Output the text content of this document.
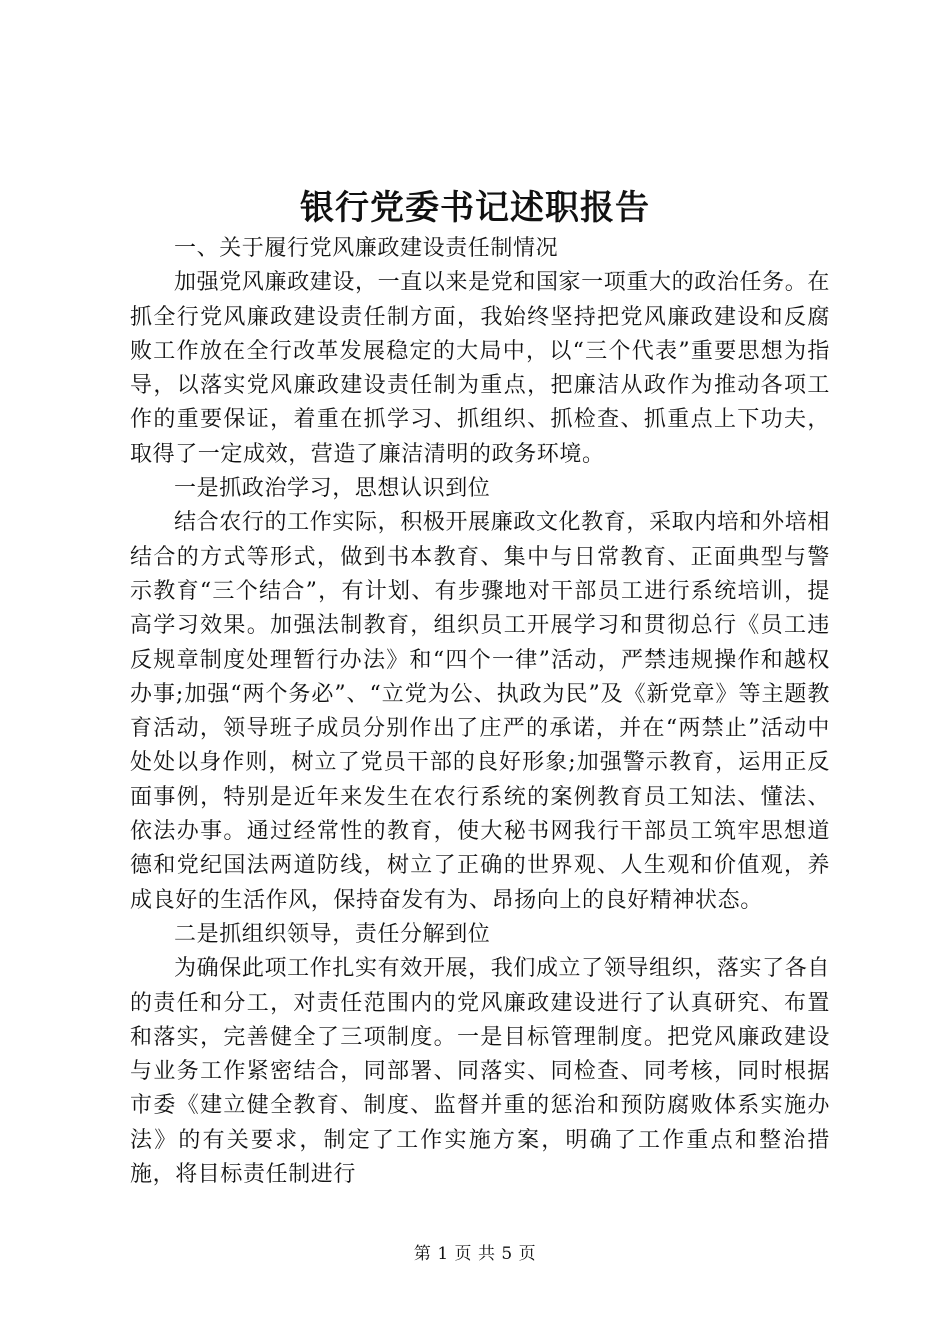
银行党委书记述职报告

一、关于履行党风廉政建设责任制情况

加强党风廉政建设，一直以来是党和国家一项重大的政治任务。在抓全行党风廉政建设责任制方面，我始终坚持把党风廉政建设和反腐败工作放在全行改革发展稳定的大局中，以“三个代表”重要思想为指导，以落实党风廉政建设责任制为重点，把廉洁从政作为推动各项工作的重要保证，着重在抓学习、抓组织、抓检查、抓重点上下功夫，取得了一定成效，营造了廉洁清明的政务环境。

一是抓政治学习，思想认识到位

结合农行的工作实际，积极开展廉政文化教育，采取内培和外培相结合的方式等形式，做到书本教育、集中与日常教育、正面典型与警示教育“三个结合”，有计划、有步骤地对干部员工进行系统培训，提高学习效果。加强法制教育，组织员工开展学习和贯彻总行《员工违反规章制度处理暂行办法》和“四个一律”活动，严禁违规操作和越权办事;加强“两个务必”、“立党为公、执政为民”及《新党章》等主题教育活动，领导班子成员分别作出了庄严的承诺，并在“两禁止”活动中处处以身作则，树立了党员干部的良好形象;加强警示教育，运用正反面事例，特别是近年来发生在农行系统的案例教育员工知法、懂法、依法办事。通过经常性的教育，使大秘书网我行干部员工筑牢思想道德和党纪国法两道防线，树立了正确的世界观、人生观和价值观，养成良好的生活作风，保持奋发有为、昂扬向上的良好精神状态。

二是抓组织领导，责任分解到位

为确保此项工作扎实有效开展，我们成立了领导组织，落实了各自的责任和分工，对责任范围内的党风廉政建设进行了认真研究、布置和落实，完善健全了三项制度。一是目标管理制度。把党风廉政建设与业务工作紧密结合，同部署、同落实、同检查、同考核，同时根据市委《建立健全教育、制度、监督并重的惩治和预防腐败体系实施办法》的有关要求，制定了工作实施方案，明确了工作重点和整治措施，将目标责任制进行

第 1 页 共 5 页
